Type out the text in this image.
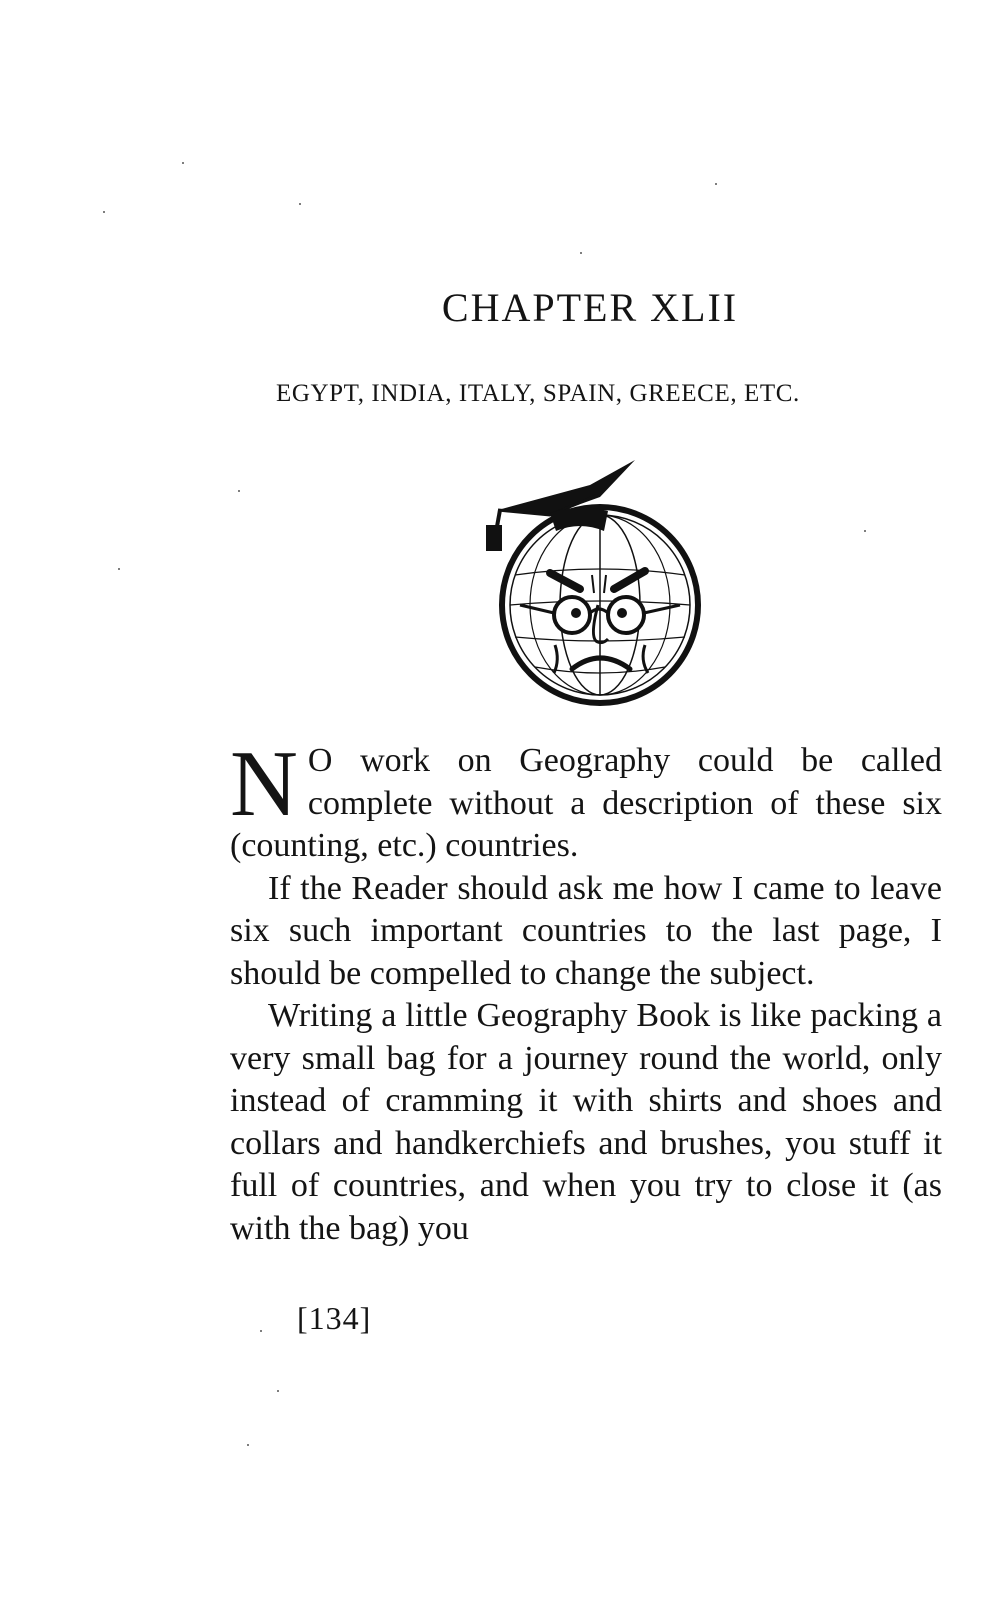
CHAPTER XLII
EGYPT, INDIA, ITALY, SPAIN, GREECE, ETC.

N O work on Geography could be called complete without a description of these six (counting, etc.) countries.

If the Reader should ask me how I came to leave six such important countries to the last page, I should be compelled to change the subject.

Writing a little Geography Book is like packing a very small bag for a journey round the world, only instead of cramming it with shirts and shoes and collars and handkerchiefs and brushes, you stuff it full of countries, and when you try to close it (as with the bag) you

[134]
